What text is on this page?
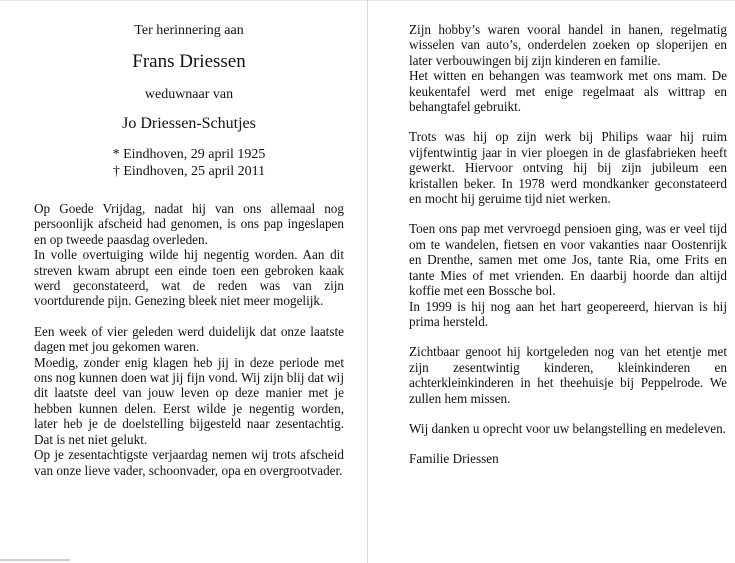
Ter herinnering aan

Frans Driessen

weduwnaar van

Jo Driessen-Schutjes

* Eindhoven, 29 april 1925

† Eindhoven, 25 april 2011

Op Goede Vrijdag, nadat hij van ons allemaal nog persoonlijk afscheid had genomen, is ons pap ingeslapen en op tweede paasdag overleden.

In volle overtuiging wilde hij negentig worden. Aan dit streven kwam abrupt een einde toen een gebroken kaak werd geconstateerd, wat de reden was van zijn voortdurende pijn. Genezing bleek niet meer mogelijk.

Een week of vier geleden werd duidelijk dat onze laatste dagen met jou gekomen waren.

Moedig, zonder enig klagen heb jij in deze periode met ons nog kunnen doen wat jij fijn vond. Wij zijn blij dat wij dit laatste deel van jouw leven op deze manier met je hebben kunnen delen. Eerst wilde je negentig worden, later heb je de doelstelling bijgesteld naar zesentachtig. Dat is net niet gelukt.

Op je zesentachtigste verjaardag nemen wij trots afscheid van onze lieve vader, schoonvader, opa en overgrootvader.

Zijn hobby’s waren vooral handel in hanen, regelmatig wisselen van auto’s, onderdelen zoeken op sloperijen en later verbouwingen bij zijn kinderen en familie.

Het witten en behangen was teamwork met ons mam. De keukentafel werd met enige regelmaat als wittrap en behangtafel gebruikt.

Trots was hij op zijn werk bij Philips waar hij ruim vijfentwintig jaar in vier ploegen in de glasfabrieken heeft gewerkt. Hiervoor ontving hij bij zijn jubileum een kristallen beker. In 1978 werd mondkanker geconstateerd en mocht hij geruime tijd niet werken.

Toen ons pap met vervroegd pensioen ging, was er veel tijd om te wandelen, fietsen en voor vakanties naar Oostenrijk en Drenthe, samen met ome Jos, tante Ria, ome Frits en tante Mies of met vrienden. En daarbij hoorde dan altijd koffie met een Bossche bol.

In 1999 is hij nog aan het hart geopereerd, hiervan is hij prima hersteld.

Zichtbaar genoot hij kortgeleden nog van het etentje met zijn zesentwintig kinderen, kleinkinderen en achterkleinkinderen in het theehuisje bij Peppelrode. We zullen hem missen.

Wij danken u oprecht voor uw belangstelling en medeleven.

Familie Driessen
